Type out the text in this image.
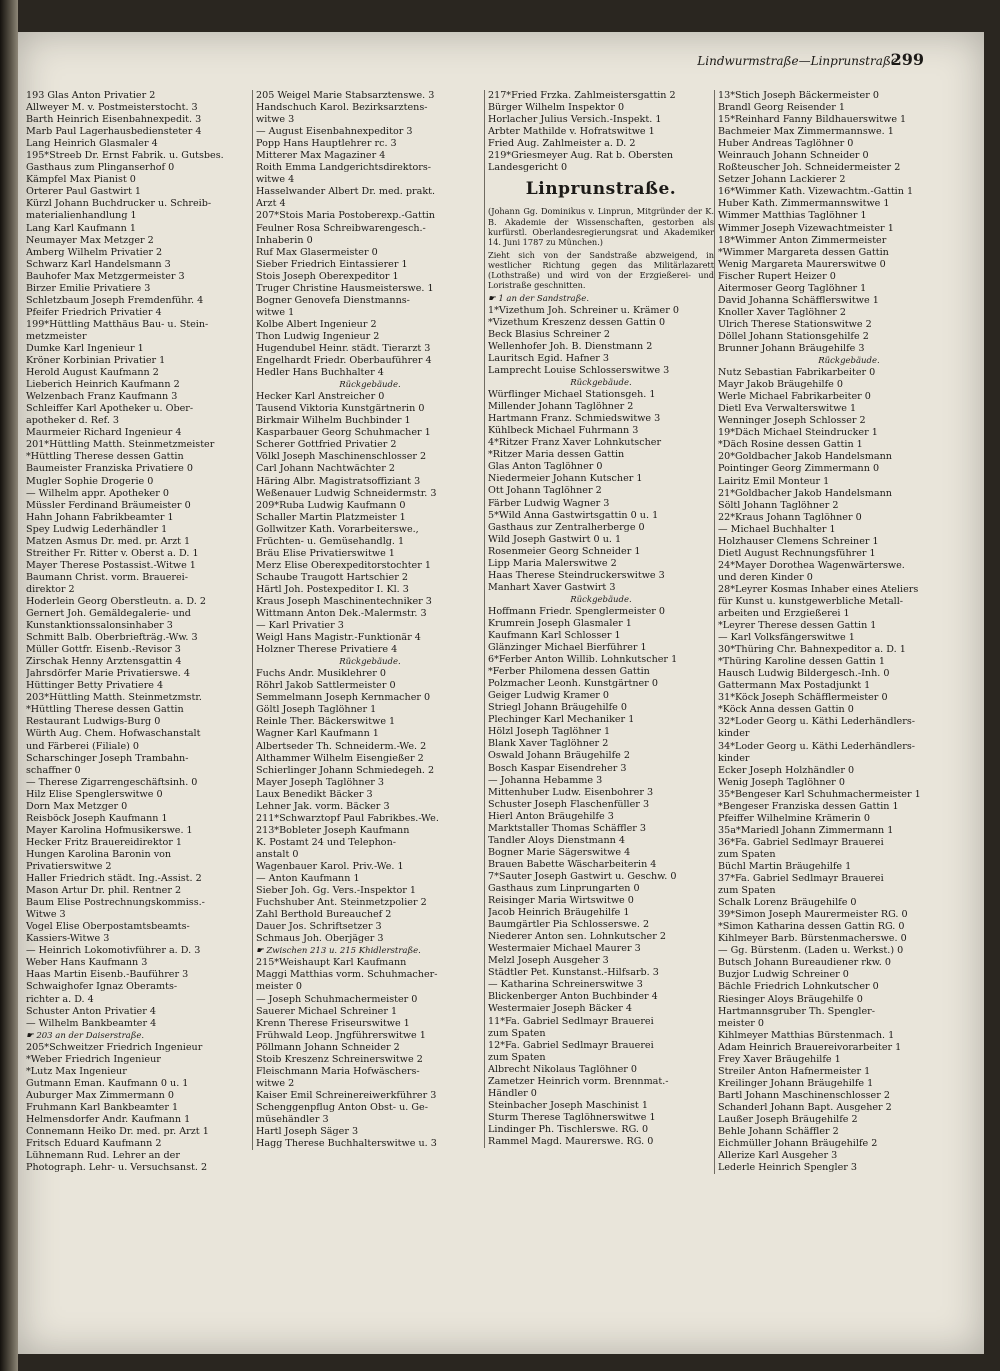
Lindwurmstraße—Linprunstraße
299
193 Glas Anton Privatier 2
Allweyer M. v. Postmeisterstocht. 3
Barth Heinrich Eisenbahnexpedit. 3
Marb Paul Lagerhausbediensteter 4
Lang Heinrich Glasmaler 4
195*Streeb Dr. Ernst Fabrik. u. Gutsbes.
Gasthaus zum Plinganserhof 0
Kämpfel Max Pianist 0
Orterer Paul Gastwirt 1
Kürzl Johann Buchdrucker u. Schreib-
materialienhandlung 1
Lang Karl Kaufmann 1
Neumayer Max Metzger 2
Amberg Wilhelm Privatier 2
Schwarz Karl Handelsmann 3
Bauhofer Max Metzgermeister 3
Birzer Emilie Privatiere 3
Schletzbaum Joseph Fremdenführ. 4
Pfeifer Friedrich Privatier 4
199*Hüttling Matthäus Bau- u. Stein-
metzmeister
Dumke Karl Ingenieur 1
Kröner Korbinian Privatier 1
Herold August Kaufmann 2
Lieberich Heinrich Kaufmann 2
Welzenbach Franz Kaufmann 3
Schleiffer Karl Apotheker u. Ober-
apotheker d. Ref. 3
Maurmeier Richard Ingenieur 4
201*Hüttling Matth. Steinmetzmeister
*Hüttling Therese dessen Gattin
Baumeister Franziska Privatiere 0
Mugler Sophie Drogerie 0
— Wilhelm appr. Apotheker 0
Müssler Ferdinand Bräumeister 0
Hahn Johann Fabrikbeamter 1
Spey Ludwig Lederhändler 1
Matzen Asmus Dr. med. pr. Arzt 1
Streither Fr. Ritter v. Oberst a. D. 1
Mayer Therese Postassist.-Witwe 1
Baumann Christ. vorm. Brauerei-
direktor 2
Hoderlein Georg Oberstleutn. a. D. 2
Gernert Joh. Gemäldegalerie- und
Kunstanktionssalonsinhaber 3
Schmitt Balb. Oberbriefträg.-Ww. 3
Müller Gottfr. Eisenb.-Revisor 3
Zirschak Henny Arztensgattin 4
Jahrsdörfer Marie Privatierswe. 4
Hüttinger Betty Privatiere 4
203*Hüttling Matth. Steinmetzmstr.
*Hüttling Therese dessen Gattin
Restaurant Ludwigs-Burg 0
Würth Aug. Chem. Hofwaschanstalt
und Färberei (Filiale) 0
Scharschinger Joseph Trambahn-
schaffner 0
— Therese Zigarrengeschäftsinh. 0
Hilz Elise Spenglerswitwe 0
Dorn Max Metzger 0
Reisböck Joseph Kaufmann 1
Mayer Karolina Hofmusikerswe. 1
Hecker Fritz Brauereidirektor 1
Hungen Karolina Baronin von
Privatierswitwe 2
Haller Friedrich städt. Ing.-Assist. 2
Mason Artur Dr. phil. Rentner 2
Baum Elise Postrechnungskommiss.-
Witwe 3
Vogel Elise Oberpostamtsbeamts-
Kassiers-Witwe 3
— Heinrich Lokomotivführer a. D. 3
Weber Hans Kaufmann 3
Haas Martin Eisenb.-Bauführer 3
Schwaighofer Ignaz Oberamts-
richter a. D. 4
Schuster Anton Privatier 4
— Wilhelm Bankbeamter 4
☛ 203 an der Daiserstraße.
205*Schweitzer Friedrich Ingenieur
*Weber Friedrich Ingenieur
*Lutz Max Ingenieur
Gutmann Eman. Kaufmann 0 u. 1
Auburger Max Zimmermann 0
Fruhmann Karl Bankbeamter 1
Helmensdorfer Andr. Kaufmann 1
Connemann Heiko Dr. med. pr. Arzt 1
Fritsch Eduard Kaufmann 2
Lühnemann Rud. Lehrer an der
Photograph. Lehr- u. Versuchsanst. 2
205 Weigel Marie Stabsarztenswe. 3
Handschuch Karol. Bezirksarztens-
witwe 3
— August Eisenbahnexpeditor 3
Popp Hans Hauptlehrer rc. 3
Mitterer Max Magaziner 4
Roith Emma Landgerichtsdirektors-
witwe 4
Hasselwander Albert Dr. med. prakt.
Arzt 4
207*Stois Maria Postoberexp.-Gattin
Feulner Rosa Schreibwarengesch.-
Inhaberin 0
Ruf Max Glasermeister 0
Sieber Friedrich Eintassierer 1
Stois Joseph Oberexpeditor 1
Truger Christine Hausmeisterswe. 1
Bogner Genovefa Dienstmanns-
witwe 1
Kolbe Albert Ingenieur 2
Thon Ludwig Ingenieur 2
Hugendubel Heinr. städt. Tierarzt 3
Engelhardt Friedr. Oberbauführer 4
Hedler Hans Buchhalter 4
Rückgebäude.
Hecker Karl Anstreicher 0
Tausend Viktoria Kunstgärtnerin 0
Birkmair Wilhelm Buchbinder 1
Kasparbauer Georg Schuhmacher 1
Scherer Gottfried Privatier 2
Völkl Joseph Maschinenschlosser 2
Carl Johann Nachtwächter 2
Häring Albr. Magistratsoffiziant 3
Weßenauer Ludwig Schneidermstr. 3
209*Ruba Ludwig Kaufmann 0
Schaller Martin Platzmeister 1
Gollwitzer Kath. Vorarbeiterswe.,
Früchten- u. Gemüsehandlg. 1
Bräu Elise Privatierswitwe 1
Merz Elise Oberexpeditorstochter 1
Schaube Traugott Hartschier 2
Härtl Joh. Postexpeditor I. Kl. 3
Kraus Joseph Maschinentechniker 3
Wittmann Anton Dek.-Malermstr. 3
— Karl Privatier 3
Weigl Hans Magistr.-Funktionär 4
Holzner Therese Privatiere 4
Rückgebäude.
Fuchs Andr. Musiklehrer 0
Röhrl Jakob Sattlermeister 0
Semmelmann Joseph Kernmacher 0
Göltl Joseph Taglöhner 1
Reinle Ther. Bäckerswitwe 1
Wagner Karl Kaufmann 1
Albertseder Th. Schneiderm.-We. 2
Althammer Wilhelm Eisengießer 2
Schierlinger Johann Schmiedegeh. 2
Mayer Joseph Taglöhner 3
Laux Benedikt Bäcker 3
Lehner Jak. vorm. Bäcker 3
211*Schwarztopf Paul Fabrikbes.-We.
213*Bobleter Joseph Kaufmann
K. Postamt 24 und Telephon-
anstalt 0
Wagenbauer Karol. Priv.-We. 1
— Anton Kaufmann 1
Sieber Joh. Gg. Vers.-Inspektor 1
Fuchshuber Ant. Steinmetzpolier 2
Zahl Berthold Bureauchef 2
Dauer Jos. Schriftsetzer 3
Schmaus Joh. Oberjäger 3
☛ Zwischen 213 u. 215 Khidlerstraße.
215*Weishaupt Karl Kaufmann
Maggi Matthias vorm. Schuhmacher-
meister 0
— Joseph Schuhmachermeister 0
Sauerer Michael Schreiner 1
Krenn Therese Friseurswitwe 1
Frühwald Leop. Jngführerswitwe 1
Pöllmann Johann Schneider 2
Stoib Kreszenz Schreinerswitwe 2
Fleischmann Maria Hofwäschers-
witwe 2
Kaiser Emil Schreinereiwerkführer 3
Schenggenpflug Anton Obst- u. Ge-
müsehändler 3
Hartl Joseph Säger 3
Hagg Therese Buchhalterswitwe u. 3
217*Fried Frzka. Zahlmeistersgattin 2
Bürger Wilhelm Inspektor 0
Horlacher Julius Versich.-Inspekt. 1
Arbter Mathilde v. Hofratswitwe 1
Fried Aug. Zahlmeister a. D. 2
219*Griesmeyer Aug. Rat b. Obersten
Landesgericht 0
Linprunstraße.
(Johann Gg. Dominikus v. Linprun, Mitgründer der K. B. Akademie der Wissenschaften, gestorben als kurfürstl. Oberlandesregierungsrat und Akademiker 14. Juni 1787 zu München.)
Zieht sich von der Sandstraße abzweigend, in westlicher Richtung gegen das Militärlazarett (Lothstraße) und wird von der Erzgießerei- und Loristraße geschnitten.
☛ 1 an der Sandstraße.
1*Vizethum Joh. Schreiner u. Krämer 0
*Vizethum Kreszenz dessen Gattin 0
Beck Blasius Schreiner 2
Wellenhofer Joh. B. Dienstmann 2
Lauritsch Egid. Hafner 3
Lamprecht Louise Schlosserswitwe 3
Rückgebäude.
Würflinger Michael Stationsgeh. 1
Millender Johann Taglöhner 2
Hartmann Franz. Schmiedswitwe 3
Kühlbeck Michael Fuhrmann 3
4*Ritzer Franz Xaver Lohnkutscher
*Ritzer Maria dessen Gattin
Glas Anton Taglöhner 0
Niedermeier Johann Kutscher 1
Ott Johann Taglöhner 2
Färber Ludwig Wagner 3
5*Wild Anna Gastwirtsgattin 0 u. 1
Gasthaus zur Zentralherberge 0
Wild Joseph Gastwirt 0 u. 1
Rosenmeier Georg Schneider 1
Lipp Maria Malerswitwe 2
Haas Therese Steindruckerswitwe 3
Manhart Xaver Gastwirt 3
Rückgebäude.
Hoffmann Friedr. Spenglermeister 0
Krumrein Joseph Glasmaler 1
Kaufmann Karl Schlosser 1
Glänzinger Michael Bierführer 1
6*Ferber Anton Willib. Lohnkutscher 1
*Ferber Philomena dessen Gattin
Polzmacher Leonh. Kunstgärtner 0
Geiger Ludwig Kramer 0
Striegl Johann Bräugehilfe 0
Plechinger Karl Mechaniker 1
Hölzl Joseph Taglöhner 1
Blank Xaver Taglöhner 2
Oswald Johann Bräugehilfe 2
Bosch Kaspar Eisendreher 3
— Johanna Hebamme 3
Mittenhuber Ludw. Eisenbohrer 3
Schuster Joseph Flaschenfüller 3
Hierl Anton Bräugehilfe 3
Marktstaller Thomas Schäffler 3
Tandler Aloys Dienstmann 4
Bogner Marie Sägerswitwe 4
Brauen Babette Wäscharbeiterin 4
7*Sauter Joseph Gastwirt u. Geschw. 0
Gasthaus zum Linprungarten 0
Reisinger Maria Wirtswitwe 0
Jacob Heinrich Bräugehilfe 1
Baumgärtler Pia Schlosserswe. 2
Niederer Anton sen. Lohnkutscher 2
Westermaier Michael Maurer 3
Melzl Joseph Ausgeher 3
Städtler Pet. Kunstanst.-Hilfsarb. 3
— Katharina Schreinerswitwe 3
Blickenberger Anton Buchbinder 4
Westermaier Joseph Bäcker 4
11*Fa. Gabriel Sedlmayr Brauerei
zum Spaten
12*Fa. Gabriel Sedlmayr Brauerei
zum Spaten
Albrecht Nikolaus Taglöhner 0
Zametzer Heinrich vorm. Brennmat.-
Händler 0
Steinbacher Joseph Maschinist 1
Sturm Therese Taglöhnerswitwe 1
Lindinger Ph. Tischlerswe. RG. 0
Rammel Magd. Maurerswe. RG. 0
13*Stich Joseph Bäckermeister 0
Brandl Georg Reisender 1
15*Reinhard Fanny Bildhauerswitwe 1
Bachmeier Max Zimmermannswe. 1
Huber Andreas Taglöhner 0
Weinrauch Johann Schneider 0
Roßteuscher Joh. Schneidermeister 2
Setzer Johann Lackierer 2
16*Wimmer Kath. Vizewachtm.-Gattin 1
Huber Kath. Zimmermannswitwe 1
Wimmer Matthias Taglöhner 1
Wimmer Joseph Vizewachtmeister 1
18*Wimmer Anton Zimmermeister
*Wimmer Margareta dessen Gattin
Wenig Margareta Maurerswitwe 0
Fischer Rupert Heizer 0
Aitermoser Georg Taglöhner 1
David Johanna Schäfflerswitwe 1
Knoller Xaver Taglöhner 2
Ulrich Therese Stationswitwe 2
Döllel Johann Stationsgehilfe 2
Brunner Johann Bräugehilfe 3
Rückgebäude.
Nutz Sebastian Fabrikarbeiter 0
Mayr Jakob Bräugehilfe 0
Werle Michael Fabrikarbeiter 0
Dietl Eva Verwalterswitwe 1
Wenninger Joseph Schlosser 2
19*Däch Michael Steindrucker 1
*Däch Rosine dessen Gattin 1
20*Goldbacher Jakob Handelsmann
Pointinger Georg Zimmermann 0
Lairitz Emil Monteur 1
21*Goldbacher Jakob Handelsmann
Söltl Johann Taglöhner 2
22*Kraus Johann Taglöhner 0
— Michael Buchhalter 1
Holzhauser Clemens Schreiner 1
Dietl August Rechnungsführer 1
24*Mayer Dorothea Wagenwärterswe.
und deren Kinder 0
28*Leyrer Kosmas Inhaber eines Ateliers
für Kunst u. kunstgewerbliche Metall-
arbeiten und Erzgießerei 1
*Leyrer Therese dessen Gattin 1
— Karl Volksfängerswitwe 1
30*Thüring Chr. Bahnexpeditor a. D. 1
*Thüring Karoline dessen Gattin 1
Hausch Ludwig Bildergesch.-Inh. 0
Gattermann Max Postadjunkt 1
31*Köck Joseph Schäfflermeister 0
*Köck Anna dessen Gattin 0
32*Loder Georg u. Käthi Lederhändlers-
kinder
34*Loder Georg u. Käthi Lederhändlers-
kinder
Ecker Joseph Holzhändler 0
Wenig Joseph Taglöhner 0
35*Bengeser Karl Schuhmachermeister 1
*Bengeser Franziska dessen Gattin 1
Pfeiffer Wilhelmine Krämerin 0
35a*Mariedl Johann Zimmermann 1
36*Fa. Gabriel Sedlmayr Brauerei
zum Spaten
Büchl Martin Bräugehilfe 1
37*Fa. Gabriel Sedlmayr Brauerei
zum Spaten
Schalk Lorenz Bräugehilfe 0
39*Simon Joseph Maurermeister RG. 0
*Simon Katharina dessen Gattin RG. 0
Kihlmeyer Barb. Bürstenmacherswe. 0
— Gg. Bürstenm. (Laden u. Werkst.) 0
Butsch Johann Bureaudiener rkw. 0
Buzjor Ludwig Schreiner 0
Bächle Friedrich Lohnkutscher 0
Riesinger Aloys Bräugehilfe 0
Hartmannsgruber Th. Spengler-
meister 0
Kihlmeyer Matthias Bürstenmach. 1
Adam Heinrich Brauereivorarbeiter 1
Frey Xaver Bräugehilfe 1
Streiler Anton Hafnermeister 1
Kreilinger Johann Bräugehilfe 1
Bartl Johann Maschinenschlosser 2
Schanderl Johann Bapt. Ausgeher 2
Laußer Joseph Bräugehilfe 2
Behle Johann Schäffler 2
Eichmüller Johann Bräugehilfe 2
Allerize Karl Ausgeher 3
Lederle Heinrich Spengler 3
